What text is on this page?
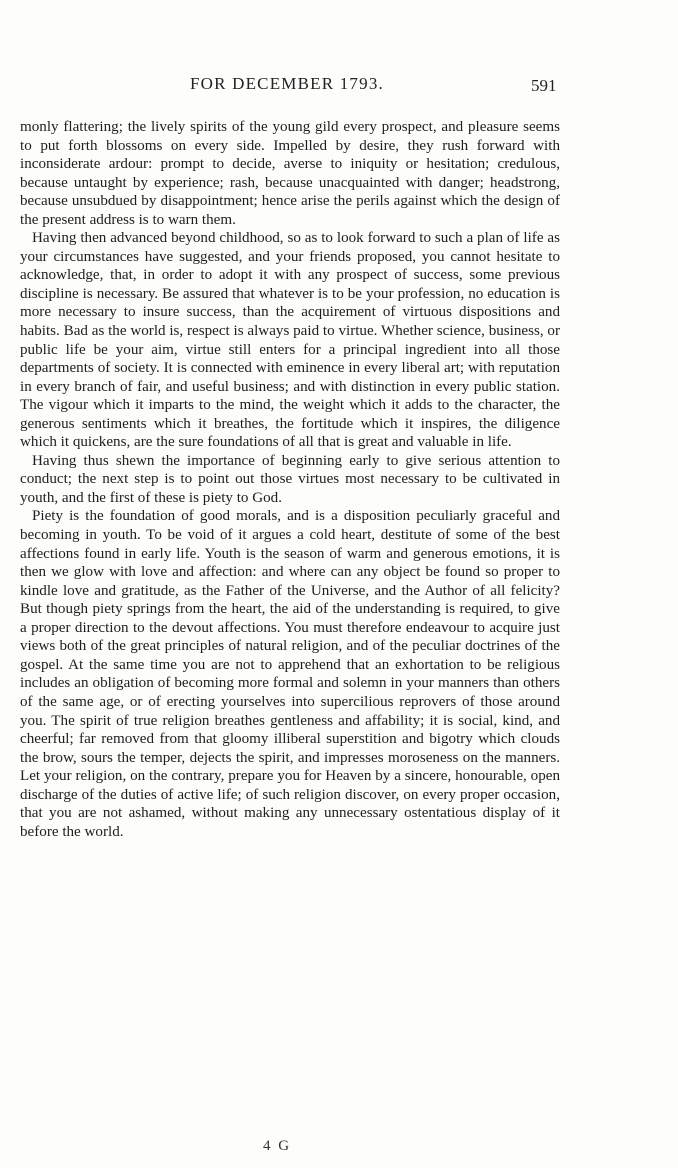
FOR DECEMBER 1793.	591

monly flattering; the lively spirits of the young gild every prospect, and pleasure seems to put forth blossoms on every side. Impelled by desire, they rush forward with inconsiderate ardour: prompt to decide, averse to iniquity or hesitation; credulous, because untaught by experience; rash, because unacquainted with danger; headstrong, because unsubdued by disappointment; hence arise the perils against which the design of the present address is to warn them.

Having then advanced beyond childhood, so as to look forward to such a plan of life as your circumstances have suggested, and your friends proposed, you cannot hesitate to acknowledge, that, in order to adopt it with any prospect of success, some previous discipline is necessary. Be assured that whatever is to be your profession, no education is more necessary to insure success, than the acquirement of virtuous dispositions and habits. Bad as the world is, respect is always paid to virtue. Whether science, business, or public life be your aim, virtue still enters for a principal ingredient into all those departments of society. It is connected with eminence in every liberal art; with reputation in every branch of fair, and useful business; and with distinction in every public station. The vigour which it imparts to the mind, the weight which it adds to the character, the generous sentiments which it breathes, the fortitude which it inspires, the diligence which it quickens, are the sure foundations of all that is great and valuable in life.

Having thus shewn the importance of beginning early to give serious attention to conduct; the next step is to point out those virtues most necessary to be cultivated in youth, and the first of these is piety to God.

Piety is the foundation of good morals, and is a disposition peculiarly graceful and becoming in youth. To be void of it argues a cold heart, destitute of some of the best affections found in early life. Youth is the season of warm and generous emotions, it is then we glow with love and affection: and where can any object be found so proper to kindle love and gratitude, as the Father of the Universe, and the Author of all felicity? But though piety springs from the heart, the aid of the understanding is required, to give a proper direction to the devout affections. You must therefore endeavour to acquire just views both of the great principles of natural religion, and of the peculiar doctrines of the gospel. At the same time you are not to apprehend that an exhortation to be religious includes an obligation of becoming more formal and solemn in your manners than others of the same age, or of erecting yourselves into supercilious reprovers of those around you. The spirit of true religion breathes gentleness and affability; it is social, kind, and cheerful; far removed from that gloomy illiberal superstition and bigotry which clouds the brow, sours the temper, dejects the spirit, and impresses moroseness on the manners. Let your religion, on the contrary, prepare you for Heaven by a sincere, honourable, open discharge of the duties of active life; of such religion discover, on every proper occasion, that you are not ashamed, without making any unnecessary ostentatious display of it before the world.

4 G
